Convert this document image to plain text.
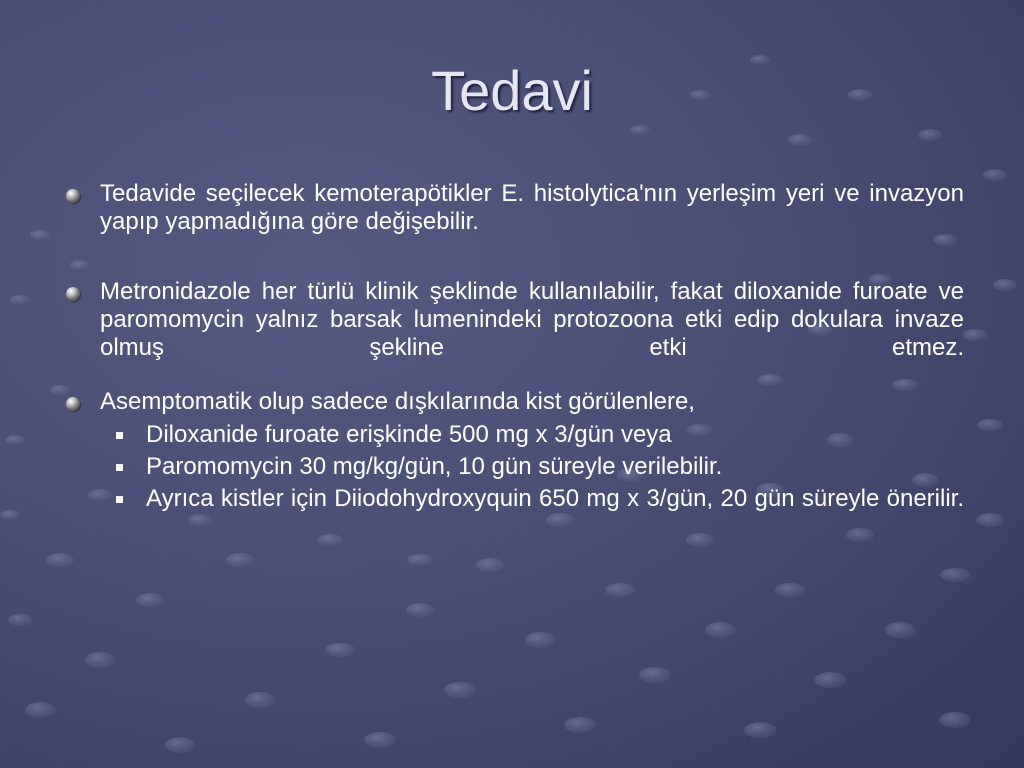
Tedavi
Tedavide seçilecek kemoterapötikler E. histolytica'nın yerleşim yeri ve invazyon yapıp yapmadığına göre değişebilir.
Metronidazole her türlü klinik şeklinde kullanılabilir, fakat diloxanide furoate ve paromomycin yalnız barsak lumenindeki protozoona etki edip dokulara invaze olmuş şekline etki etmez.
Asemptomatik olup sadece dışkılarında kist görülenlere,
Diloxanide furoate erişkinde 500 mg x 3/gün veya
Paromomycin 30 mg/kg/gün, 10 gün süreyle verilebilir.
Ayrıca kistler için Diiodohydroxyquin 650 mg x 3/gün, 20 gün süreyle önerilir.
